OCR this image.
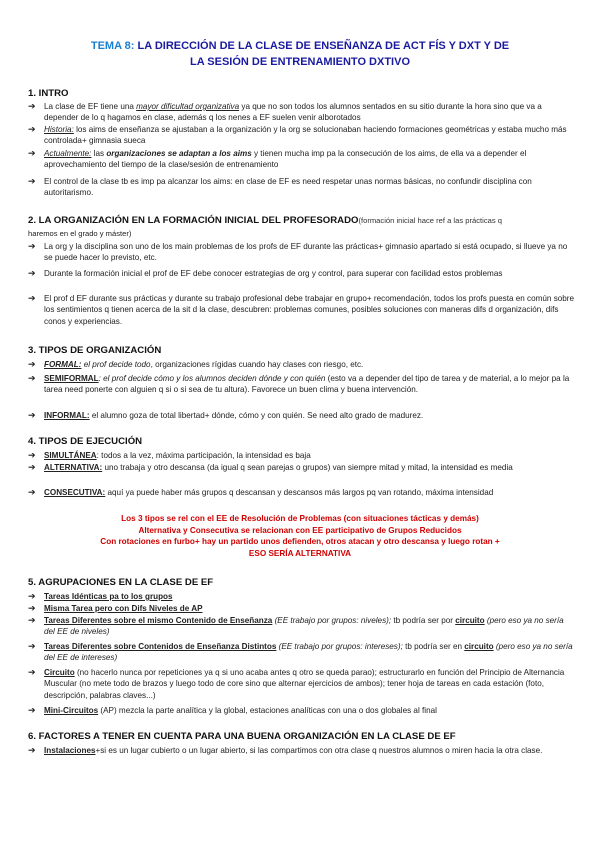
TEMA 8: LA DIRECCIÓN DE LA CLASE DE ENSEÑANZA DE ACT FÍS Y DXT Y DE
LA SESIÓN DE ENTRENAMIENTO DXTIVO
1. INTRO
➔	La clase de EF tiene una mayor dificultad organizativa ya que no son todos los alumnos sentados en su sitio durante la hora sino que va a depender de lo q hagamos en clase, además q los nenes a EF suelen venir alborotados
➔	Historia: los aims de enseñanza se ajustaban a la organización y la org se solucionaban haciendo formaciones geométricas y estaba mucho más controlada+ gimnasia sueca
➔	Actualmente: las organizaciones se adaptan a los aims y tienen mucha imp pa la consecución de los aims, de ella va a depender el aprovechamiento del tiempo de la clase/sesión de entrenamiento
➔	El control de la clase tb es imp pa alcanzar los aims: en clase de EF es need respetar unas normas básicas, no confundir disciplina con autoritarismo.
2. LA ORGANIZACIÓN EN LA FORMACIÓN INICIAL DEL PROFESORADO(formación inicial hace ref a las prácticas q
haremos en el grado y máster)
➔	La org y la disciplina son uno de los main problemas de los profs de EF durante las prácticas+ gimnasio apartado si está ocupado, si llueve ya no se puede hacer lo previsto, etc.
➔	Durante la formación inicial el prof de EF debe conocer estrategias de org y control, para superar con facilidad estos problemas
➔	El prof d EF durante sus prácticas y durante su trabajo profesional debe trabajar en grupo+ recomendación, todos los profs puesta en común sobre los sentimientos q tienen acerca de la sit d la clase, descubren: problemas comunes, posibles soluciones con maneras difs d organización, difs conos y experiencias.
3. TIPOS DE ORGANIZACIÓN
➔	FORMAL: el prof decide todo, organizaciones rígidas cuando hay clases con riesgo, etc.
➔	SEMIFORMAL: el prof decide cómo y los alumnos deciden dónde y con quién (esto va a depender del tipo de tarea y de material, a lo mejor pa la tarea need ponerte con alguien q si o si sea de tu altura). Favorece un buen clima y buena intervención.
➔	INFORMAL: el alumno goza de total libertad+ dónde, cómo y con quién. Se need alto grado de madurez.
4. TIPOS DE EJECUCIÓN
➔	SIMULTÁNEA: todos a la vez, máxima participación, la intensidad es baja
➔	ALTERNATIVA: uno trabaja y otro descansa (da igual q sean parejas o grupos) van siempre mitad y mitad, la intensidad es media
➔	CONSECUTIVA: aquí ya puede haber más grupos q descansan y descansos más largos pq van rotando, máxima intensidad
Los 3 tipos se rel con el EE de Resolución de Problemas (con situaciones tácticas y demás)
Alternativa y Consecutiva se relacionan con EE participativo de Grupos Reducidos
Con rotaciones en furbo+ hay un partido unos defienden, otros atacan y otro descansa y luego rotan +
ESO SERÍA ALTERNATIVA
5. AGRUPACIONES EN LA CLASE DE EF
➔	Tareas Idénticas pa to los grupos
➔	Misma Tarea pero con Difs Niveles de AP
➔	Tareas Diferentes sobre el mismo Contenido de Enseñanza (EE trabajo por grupos: niveles); tb podría ser por circuito (pero eso ya no sería del EE de niveles)
➔	Tareas Diferentes sobre Contenidos de Enseñanza Distintos (EE trabajo por grupos: intereses); tb podría ser en circuito (pero eso ya no sería del EE de intereses)
➔	Circuito (no hacerlo nunca por repeticiones ya q si uno acaba antes q otro se queda parao); estructurarlo en función del Principio de Alternancia Muscular (no mete todo de brazos y luego todo de core sino que alternar ejercicios de ambos); tener hoja de tareas en cada estación (foto, descripción, palabras claves...)
➔	Mini-Circuitos (AP) mezcla la parte analítica y la global, estaciones analíticas con una o dos globales al final
6. FACTORES A TENER EN CUENTA PARA UNA BUENA ORGANIZACIÓN EN LA CLASE DE EF
➔	Instalaciones+si es un lugar cubierto o un lugar abierto, si las compartimos con otra clase q nuestros alumnos o miren hacia la otra clase.
